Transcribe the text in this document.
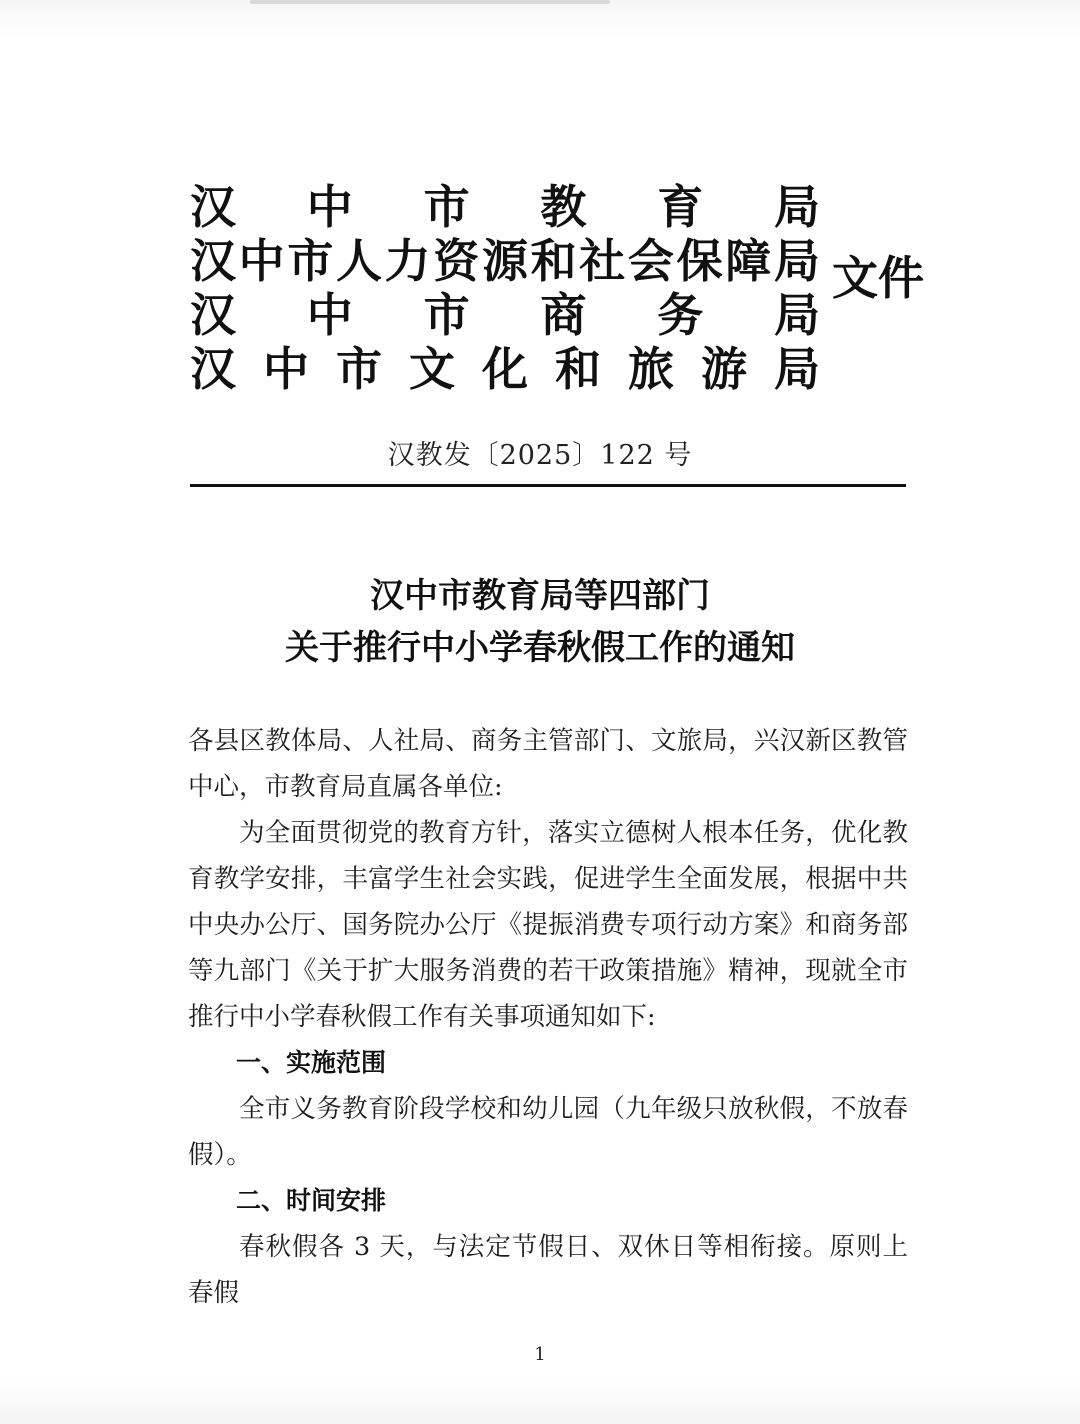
汉 中 市 教 育 局
汉 中 市 人 力 资 源 和 社 会 保 障 局
汉 中 市 商 务 局
汉 中 市 文 化 和 旅 游 局
文件
汉教发〔2025〕122 号
汉中市教育局等四部门
关于推行中小学春秋假工作的通知

各县区教体局、人社局、商务主管部门、文旅局，兴汉新区教管中心，市教育局直属各单位:

为全面贯彻党的教育方针，落实立德树人根本任务，优化教育教学安排，丰富学生社会实践，促进学生全面发展，根据中共中央办公厅、国务院办公厅《提振消费专项行动方案》和商务部等九部门《关于扩大服务消费的若干政策措施》精神，现就全市推行中小学春秋假工作有关事项通知如下:

一、实施范围

全市义务教育阶段学校和幼儿园（九年级只放秋假，不放春假）。

二、时间安排

春秋假各 3 天，与法定节假日、双休日等相衔接。原则上春假

1
